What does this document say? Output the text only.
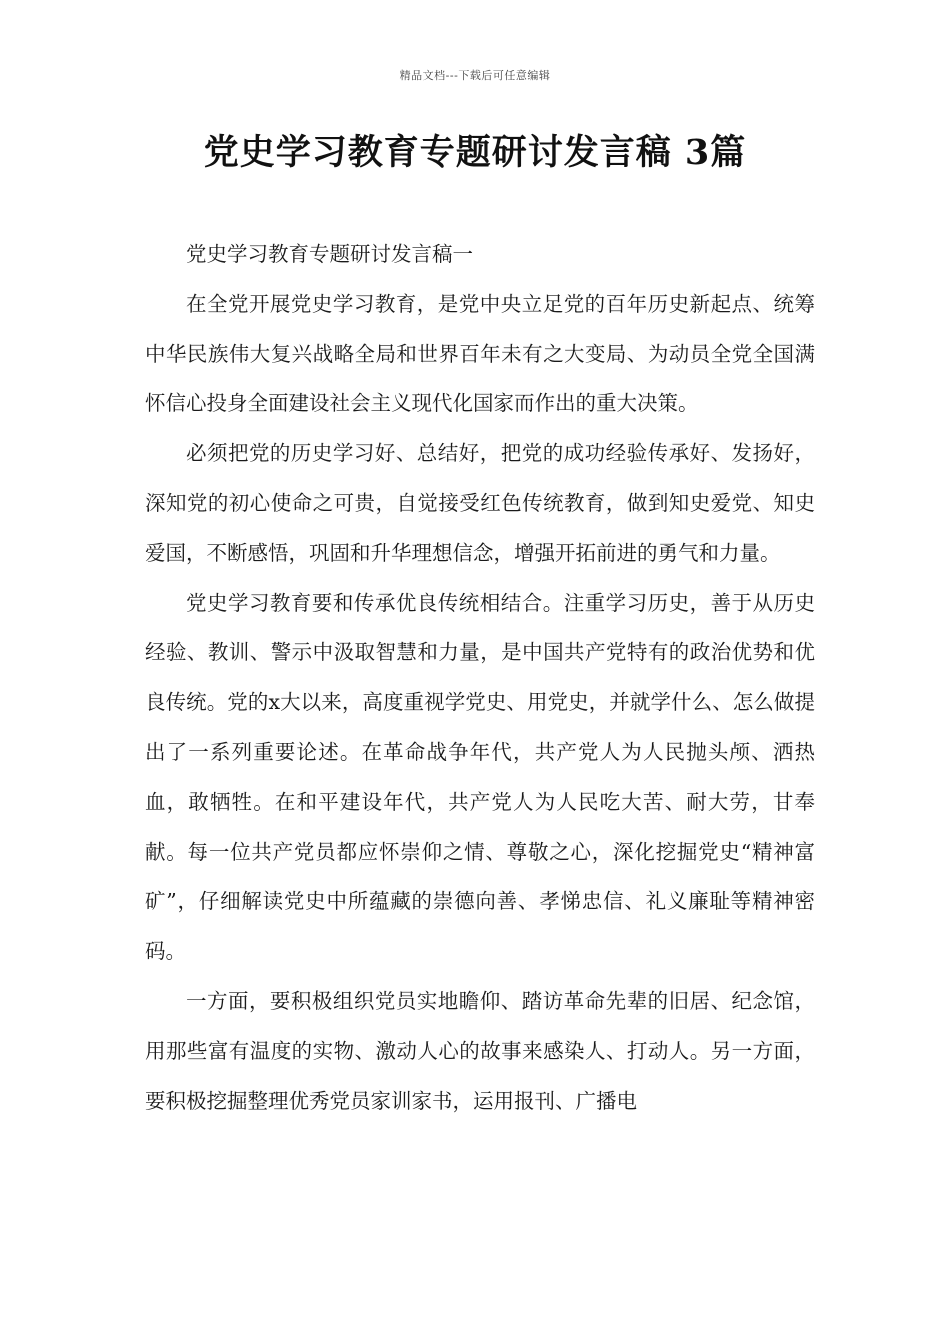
精品文档---下载后可任意编辑
党史学习教育专题研讨发言稿 3篇

党史学习教育专题研讨发言稿一

在全党开展党史学习教育，是党中央立足党的百年历史新起点、统筹中华民族伟大复兴战略全局和世界百年未有之大变局、为动员全党全国满怀信心投身全面建设社会主义现代化国家而作出的重大决策。

必须把党的历史学习好、总结好，把党的成功经验传承好、发扬好，深知党的初心使命之可贵，自觉接受红色传统教育，做到知史爱党、知史爱国，不断感悟，巩固和升华理想信念，增强开拓前进的勇气和力量。

党史学习教育要和传承优良传统相结合。注重学习历史，善于从历史经验、教训、警示中汲取智慧和力量，是中国共产党特有的政治优势和优良传统。党的x大以来，高度重视学党史、用党史，并就学什么、怎么做提出了一系列重要论述。在革命战争年代，共产党人为人民抛头颅、洒热血，敢牺牲。在和平建设年代，共产党人为人民吃大苦、耐大劳，甘奉献。每一位共产党员都应怀崇仰之情、尊敬之心，深化挖掘党史“精神富矿”，仔细解读党史中所蕴藏的崇德向善、孝悌忠信、礼义廉耻等精神密码。

一方面，要积极组织党员实地瞻仰、踏访革命先辈的旧居、纪念馆，用那些富有温度的实物、激动人心的故事来感染人、打动人。另一方面，要积极挖掘整理优秀党员家训家书，运用报刊、广播电
